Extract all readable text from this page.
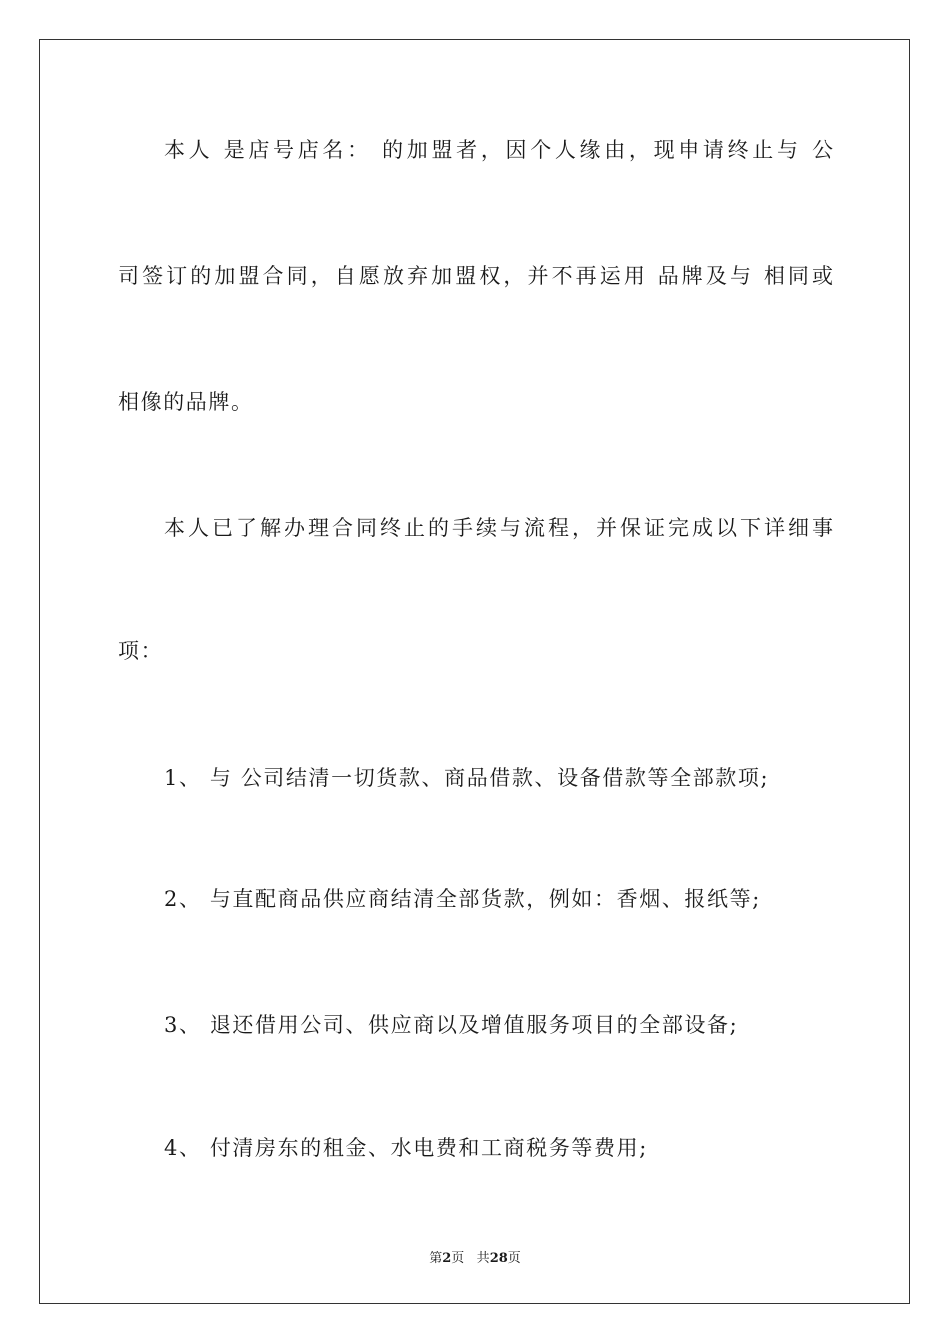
本人 是店号店名： 的加盟者，因个人缘由，现申请终止与 公
司签订的加盟合同，自愿放弃加盟权，并不再运用 品牌及与 相同或
相像的品牌。
本人已了解办理合同终止的手续与流程，并保证完成以下详细事
项：
1、 与 公司结清一切货款、商品借款、设备借款等全部款项;
2、 与直配商品供应商结清全部货款，例如：香烟、报纸等;
3、 退还借用公司、供应商以及增值服务项目的全部设备;
4、 付清房东的租金、水电费和工商税务等费用;
第2页 共28页
